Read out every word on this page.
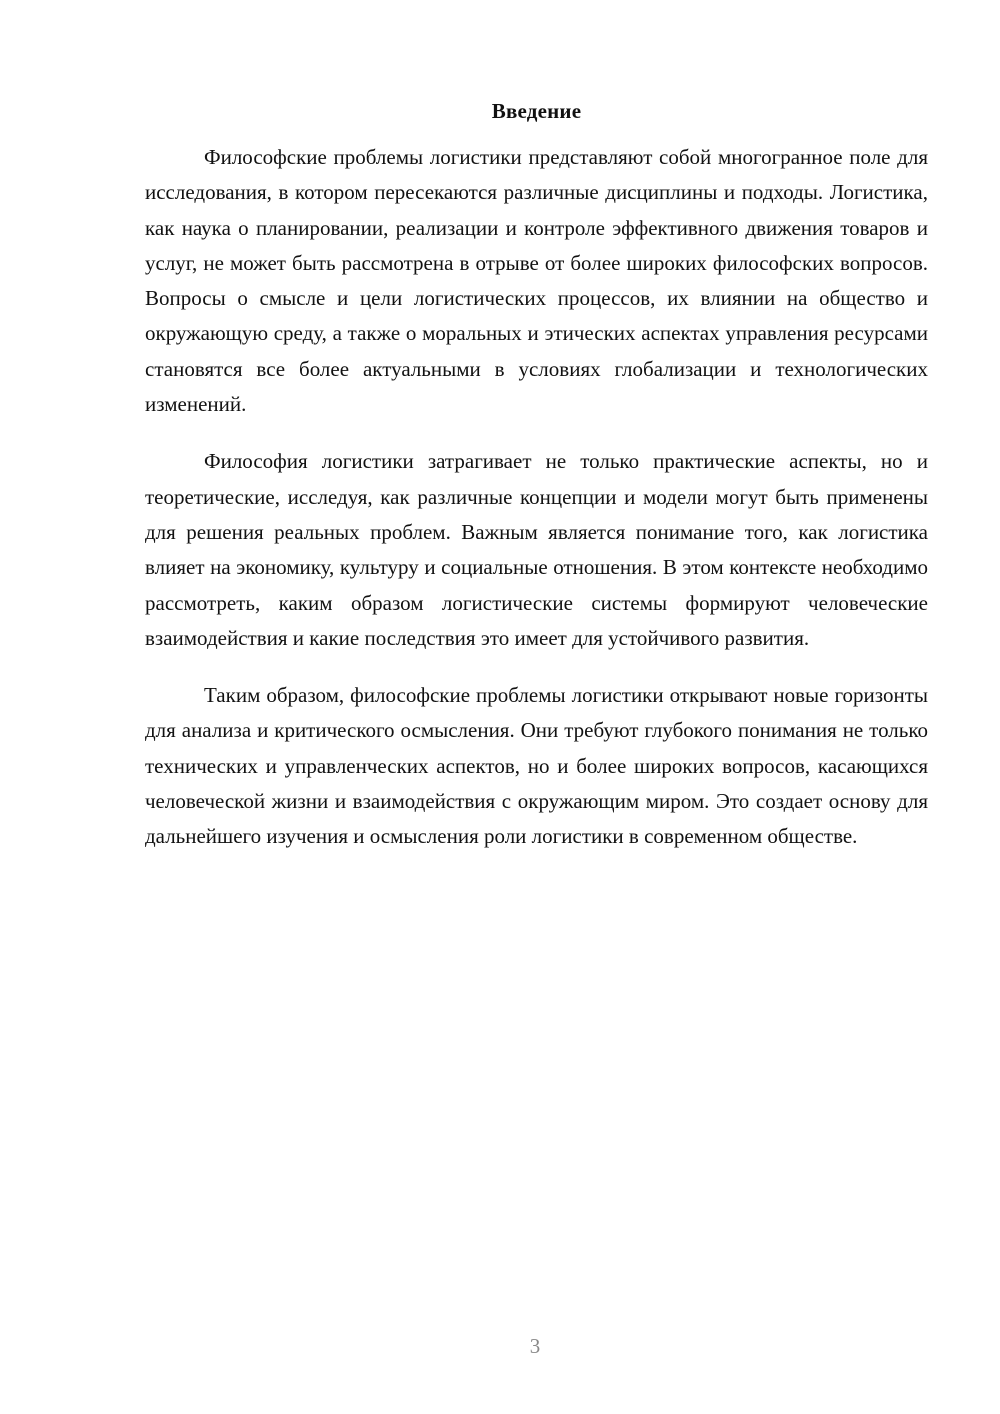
Введение

Философские проблемы логистики представляют собой многогранное поле для исследования, в котором пересекаются различные дисциплины и подходы. Логистика, как наука о планировании, реализации и контроле эффективного движения товаров и услуг, не может быть рассмотрена в отрыве от более широких философских вопросов. Вопросы о смысле и цели логистических процессов, их влиянии на общество и окружающую среду, а также о моральных и этических аспектах управления ресурсами становятся все более актуальными в условиях глобализации и технологических изменений.

Философия логистики затрагивает не только практические аспекты, но и теоретические, исследуя, как различные концепции и модели могут быть применены для решения реальных проблем. Важным является понимание того, как логистика влияет на экономику, культуру и социальные отношения. В этом контексте необходимо рассмотреть, каким образом логистические системы формируют человеческие взаимодействия и какие последствия это имеет для устойчивого развития.

Таким образом, философские проблемы логистики открывают новые горизонты для анализа и критического осмысления. Они требуют глубокого понимания не только технических и управленческих аспектов, но и более широких вопросов, касающихся человеческой жизни и взаимодействия с окружающим миром. Это создает основу для дальнейшего изучения и осмысления роли логистики в современном обществе.

3
